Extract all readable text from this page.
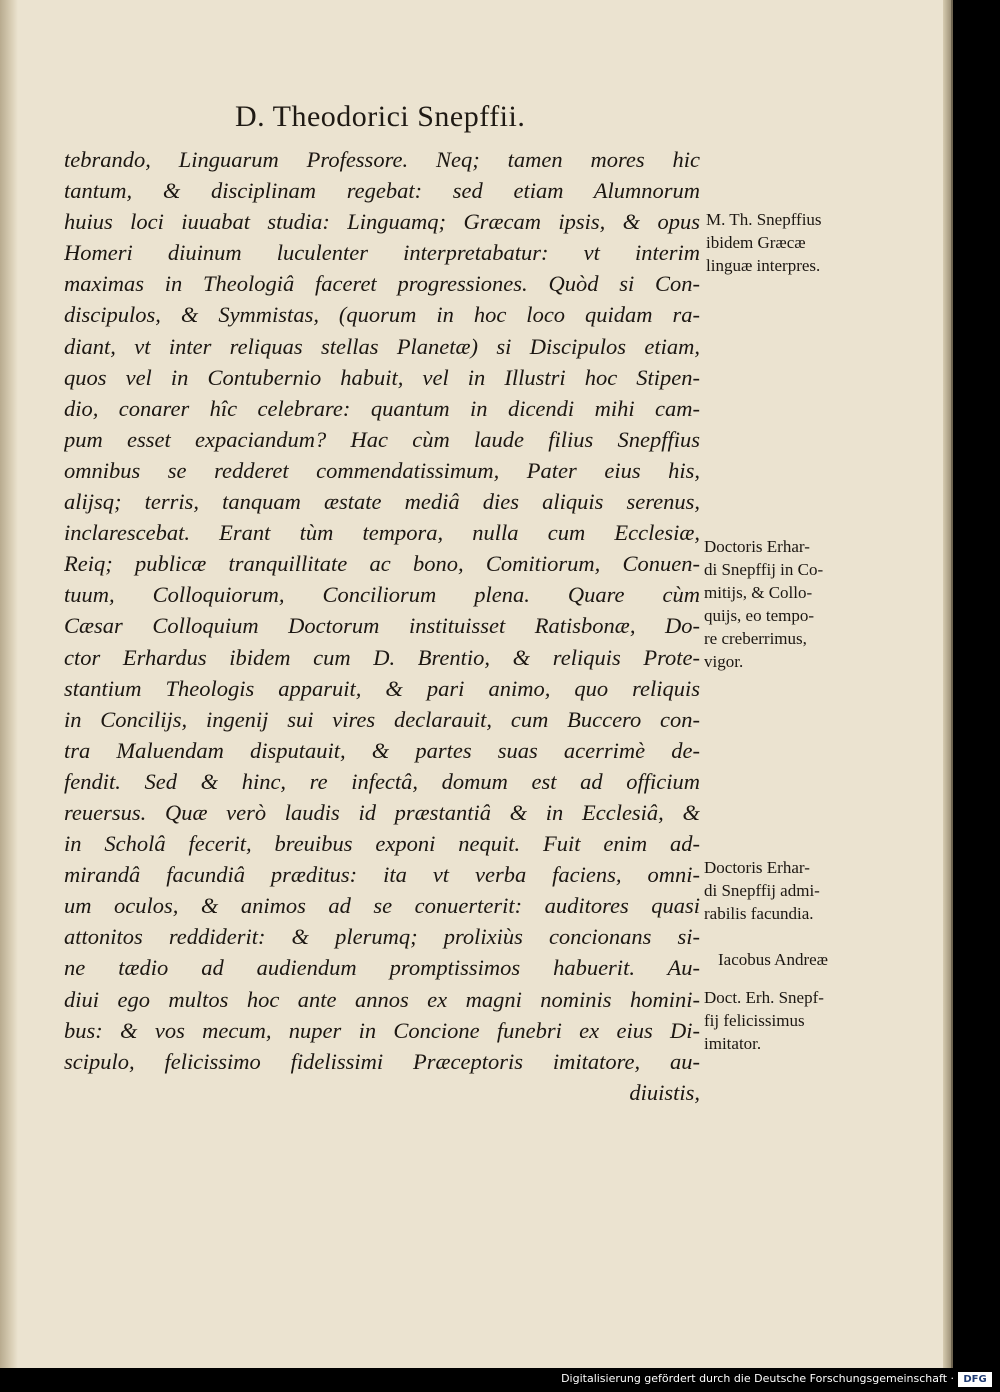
D. Theodorici Snepffii.
tebrando, Linguarum Professore. Neq; tamen mores hic
tantum, & disciplinam regebat: sed etiam Alumnorum
huius loci iuuabat studia: Linguamq; Græcam ipsis, & opus
Homeri diuinum luculenter interpretabatur: vt interim
maximas in Theologiâ faceret progressiones. Quòd si Con-
discipulos, & Symmistas, (quorum in hoc loco quidam ra-
diant, vt inter reliquas stellas Planetæ) si Discipulos etiam,
quos vel in Contubernio habuit, vel in Illustri hoc Stipen-
dio, conarer hîc celebrare: quantum in dicendi mihi cam-
pum esset expaciandum? Hac cùm laude filius Snepffius
omnibus se redderet commendatissimum, Pater eius his,
alijsq; terris, tanquam æstate mediâ dies aliquis serenus,
inclarescebat. Erant tùm tempora, nulla cum Ecclesiæ,
Reiq; publicæ tranquillitate ac bono, Comitiorum, Conuen-
tuum, Colloquiorum, Conciliorum plena. Quare cùm
Cæsar Colloquium Doctorum instituisset Ratisbonæ, Do-
ctor Erhardus ibidem cum D. Brentio, & reliquis Prote-
stantium Theologis apparuit, & pari animo, quo reliquis
in Concilijs, ingenij sui vires declarauit, cum Buccero con-
tra Maluendam disputauit, & partes suas acerrimè de-
fendit. Sed & hinc, re infectâ, domum est ad officium
reuersus. Quæ verò laudis id præstantiâ & in Ecclesiâ, &
in Scholâ fecerit, breuibus exponi nequit. Fuit enim ad-
mirandâ facundiâ præditus: ita vt verba faciens, omni-
um oculos, & animos ad se conuerterit: auditores quasi
attonitos reddiderit: & plerumq; prolixiùs concionans si-
ne tædio ad audiendum promptissimos habuerit. Au-
diui ego multos hoc ante annos ex magni nominis homini-
bus: & vos mecum, nuper in Concione funebri ex eius Di-
scipulo, felicissimo fidelissimi Præceptoris imitatore, au-
diuistis,
M. Th. Snepffius
ibidem Græcæ
linguæ interpres.
Doctoris Erhar-
di Snepffij in Co-
mitijs, & Collo-
quijs, eo tempo-
re creberrimus,
vigor.
Doctoris Erhar-
di Snepffij admi-
rabilis facundia.
Iacobus Andreæ
Doct. Erh. Snepf-
fij felicissimus
imitator.
Digitalisierung gefördert durch die Deutsche Forschungsgemeinschaft · DFG
